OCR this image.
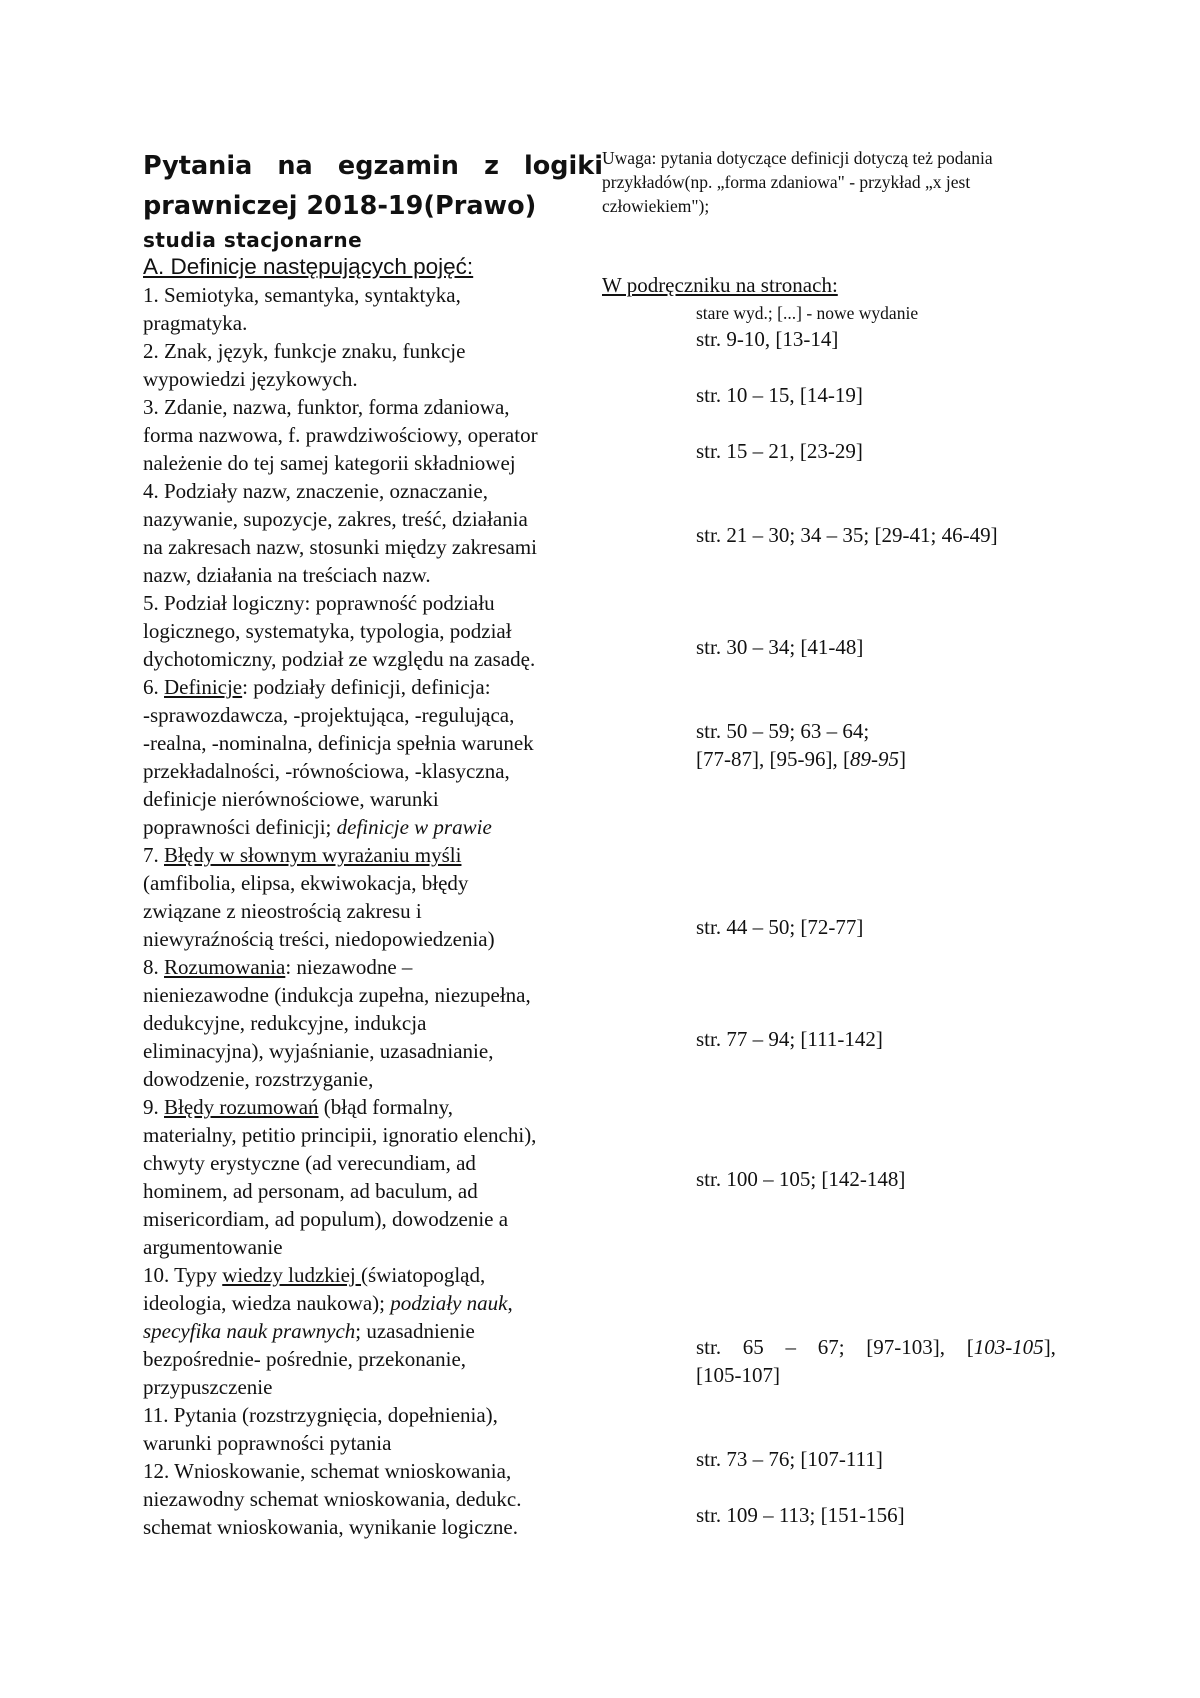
Pytania na egzamin z logiki prawniczej 2018-19(Prawo)
studia stacjonarne
A. Definicje następujących pojęć:
1. Semiotyka, semantyka, syntaktyka,
pragmatyka.
2. Znak, język, funkcje znaku, funkcje
wypowiedzi językowych.
3. Zdanie, nazwa, funktor, forma zdaniowa,
forma nazwowa, f. prawdziwościowy, operator
należenie do tej samej kategorii składniowej
4. Podziały nazw, znaczenie, oznaczanie,
nazywanie, supozycje, zakres, treść, działania
na zakresach nazw, stosunki między zakresami
nazw, działania na treściach nazw.
5. Podział logiczny: poprawność podziału
logicznego, systematyka, typologia, podział
dychotomiczny, podział ze względu na zasadę.
6. Definicje: podziały definicji, definicja:
-sprawozdawcza, -projektująca, -regulująca,
-realna, -nominalna, definicja spełnia warunek
przekładalności, -równościowa, -klasyczna,
definicje nierównościowe, warunki
poprawności definicji; definicje w prawie
7. Błędy w słownym wyrażaniu myśli
(amfibolia, elipsa, ekwiwokacja, błędy
związane z nieostrością zakresu i
niewyraźnością treści, niedopowiedzenia)
8. Rozumowania: niezawodne –
nieniezawodne (indukcja zupełna, niezupełna,
dedukcyjne, redukcyjne, indukcja
eliminacyjna), wyjaśnianie, uzasadnianie,
dowodzenie, rozstrzyganie,
9. Błędy rozumowań (błąd formalny,
materialny, petitio principii, ignoratio elenchi),
chwyty erystyczne (ad verecundiam, ad
hominem, ad personam, ad baculum, ad
misericordiam, ad populum), dowodzenie a
argumentowanie
10. Typy wiedzy ludzkiej (światopogląd,
ideologia, wiedza naukowa); podziały nauk,
specyfika nauk prawnych; uzasadnienie
bezpośrednie- pośrednie, przekonanie,
przypuszczenie
11. Pytania (rozstrzygnięcia, dopełnienia),
warunki poprawności pytania
12. Wnioskowanie, schemat wnioskowania,
niezawodny schemat wnioskowania, dedukc.
schemat wnioskowania, wynikanie logiczne.
Uwaga: pytania dotyczące definicji dotyczą też podania
przykładów(np. „forma zdaniowa" - przykład „x jest
człowiekiem");
W podręczniku na stronach:
stare wyd.; [...] - nowe wydanie
str. 9-10, [13-14]
str. 10 – 15, [14-19]
str. 15 – 21, [23-29]
str. 21 – 30; 34 – 35; [29-41; 46-49]
str. 30 – 34; [41-48]
str. 50 – 59; 63 – 64;
[77-87], [95-96], [89-95]
str. 44 – 50; [72-77]
str. 77 – 94; [111-142]
str. 100 – 105; [142-148]
str. 65 – 67; [97-103], [103-105],
[105-107]
str. 73 – 76; [107-111]
str. 109 – 113; [151-156]
